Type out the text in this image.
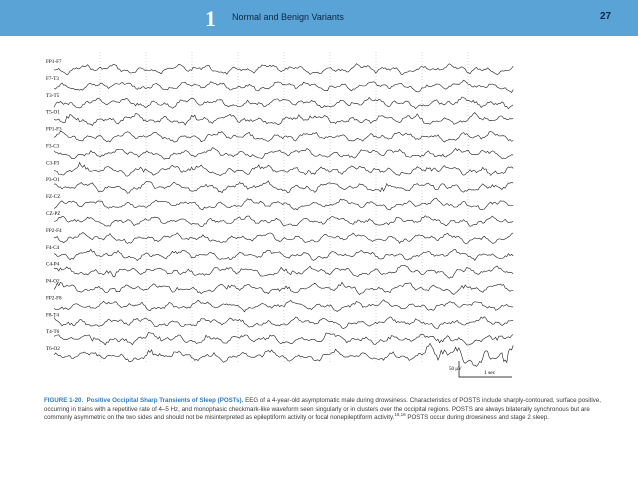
1 Normal and Benign Variants	27
FP1-F7
F7-T3
T3-T5
T5-O1
FP1-F3
F3-C3
C3-P3
P3-O1
FZ-CZ
CZ-PZ
FP2-F4
F4-C4
C4-P4
P4-O2
FP2-F8
F8-T4
T4-T6
T6-O2
50 µV
1 sec
FIGURE 1-20. Positive Occipital Sharp Transients of Sleep (POSTs). EEG of a 4-year-old asymptomatic male during drowsiness. Characteristics of POSTS include sharply-contoured, surface positive, occurring in trains with a repetitive rate of 4–5 Hz, and monophasic checkmark-like waveform seen singularly or in clusters over the occipital regions. POSTS are always bilaterally synchronous but are commonly asymmetric on the two sides and should not be misinterpreted as epileptiform activity or focal nonepileptiform activity.$^{15,16}$ POSTS occur during drowsiness and stage 2 sleep.
